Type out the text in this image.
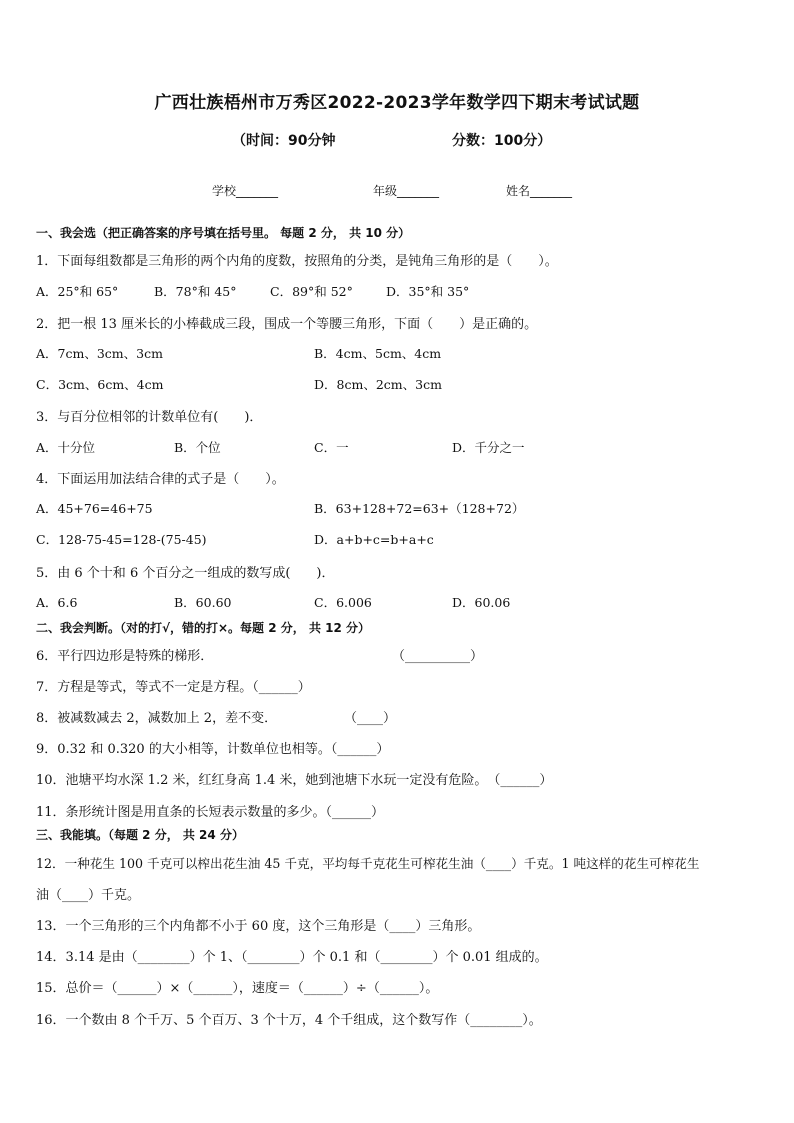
广西壮族梧州市万秀区2022-2023学年数学四下期末考试试题
（时间：90分钟	分数：100分）
学校_______	年级_______	姓名_______
一、我会选（把正确答案的序号填在括号里。 每题 2 分， 共 10 分）
1．下面每组数都是三角形的两个内角的度数，按照角的分类，是钝角三角形的是（　　）。
A．25°和 65°	B．78°和 45°	C．89°和 52°	D．35°和 35°
2．把一根 13 厘米长的小棒截成三段，围成一个等腰三角形，下面（　　）是正确的。
A．7cm、3cm、3cm	B．4cm、5cm、4cm
C．3cm、6cm、4cm	D．8cm、2cm、3cm
3．与百分位相邻的计数单位有(　　)．
A．十分位	B．个位	C．一	D．千分之一
4．下面运用加法结合律的式子是（　　）。
A．45+76=46+75	B．63+128+72=63+（128+72）
C．128-75-45=128-(75-45)	D．a+b+c=b+a+c
5．由 6 个十和 6 个百分之一组成的数写成(　　)．
A．6.6	B．60.60	C．6.006	D．60.06
二、我会判断。（对的打√，错的打×。每题 2 分， 共 12 分）
6．平行四边形是特殊的梯形．	（__________）
7．方程是等式，等式不一定是方程。（______）
8．被减数减去 2，减数加上 2，差不变．	（____）
9．0.32 和 0.320 的大小相等，计数单位也相等。（______）
10．池塘平均水深 1.2 米，红红身高 1.4 米，她到池塘下水玩一定没有危险。　（______）
11．条形统计图是用直条的长短表示数量的多少。（______）
三、我能填。（每题 2 分， 共 24 分）
12．一种花生 100 千克可以榨出花生油 45 千克，平均每千克花生可榨花生油（____）千克。1 吨这样的花生可榨花生
油（____）千克。
13．一个三角形的三个内角都不小于 60 度，这个三角形是（____）三角形。
14．3.14 是由（________）个 1、（________）个 0.1 和（________）个 0.01 组成的。
15．总价＝（______）×（______），速度＝（______）÷（______）。
16．一个数由 8 个千万、5 个百万、3 个十万，4 个千组成，这个数写作（________）。
